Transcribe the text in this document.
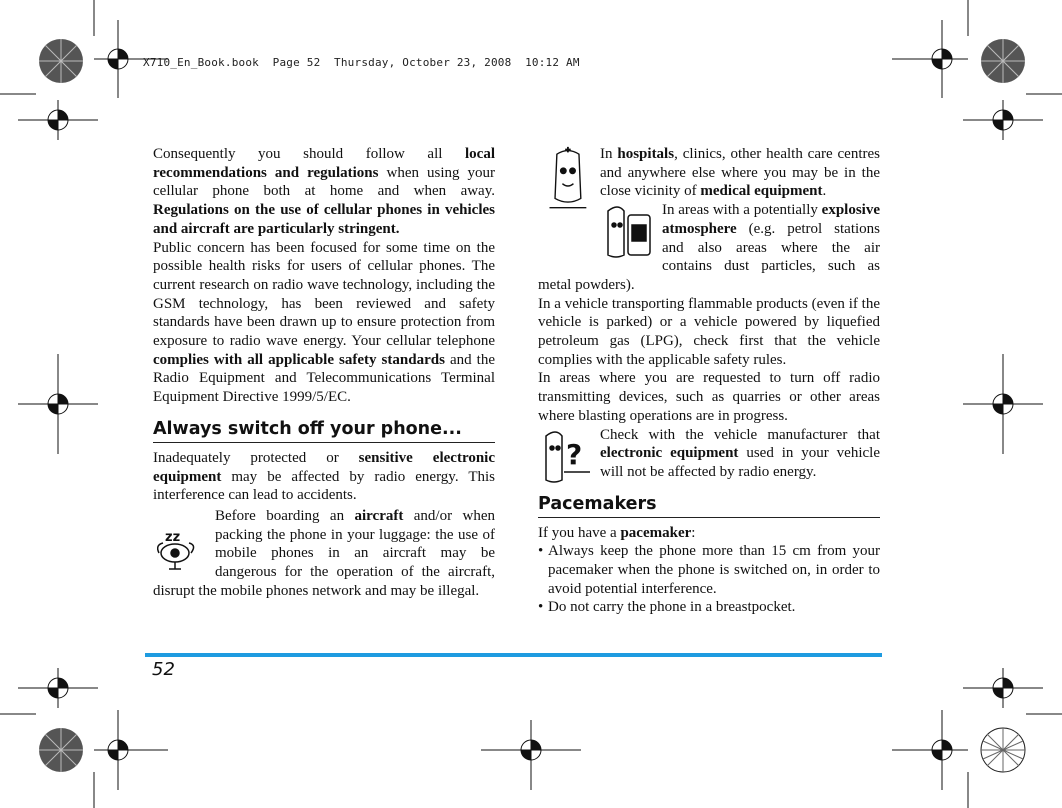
X710_En_Book.book  Page 52  Thursday, October 23, 2008  10:12 AM

Consequently you should follow all local recommendations and regulations when using your cellular phone both at home and when away. Regulations on the use of cellular phones in vehicles and aircraft are particularly stringent.

Public concern has been focused for some time on the possible health risks for users of cellular phones. The current research on radio wave technology, including the GSM technology, has been reviewed and safety standards have been drawn up to ensure protection from exposure to radio wave energy. Your cellular telephone complies with all applicable safety standards and the Radio Equipment and Telecommunications Terminal Equipment Directive 1999/5/EC.

Always switch off your phone...

Inadequately protected or sensitive electronic equipment may be affected by radio energy. This interference can lead to accidents.

zz
Before boarding an aircraft and/or when packing the phone in your luggage: the use of mobile phones in an aircraft may be dangerous for the operation of the aircraft, disrupt the mobile phones network and may be illegal.

In hospitals, clinics, other health care centres and anywhere else where you may be in the close vicinity of medical equipment.

In areas with a potentially explosive atmosphere (e.g. petrol stations and also areas where the air contains dust particles, such as metal powders).

In a vehicle transporting flammable products (even if the vehicle is parked) or a vehicle powered by liquefied petroleum gas (LPG), check first that the vehicle complies with the applicable safety rules.

In areas where you are requested to turn off radio transmitting devices, such as quarries or other areas where blasting operations are in progress.

?
Check with the vehicle manufacturer that electronic equipment used in your vehicle will not be affected by radio energy.

Pacemakers

If you have a pacemaker:

• Always keep the phone more than 15 cm from your pacemaker when the phone is switched on, in order to avoid potential interference.
• Do not carry the phone in a breastpocket.
52
